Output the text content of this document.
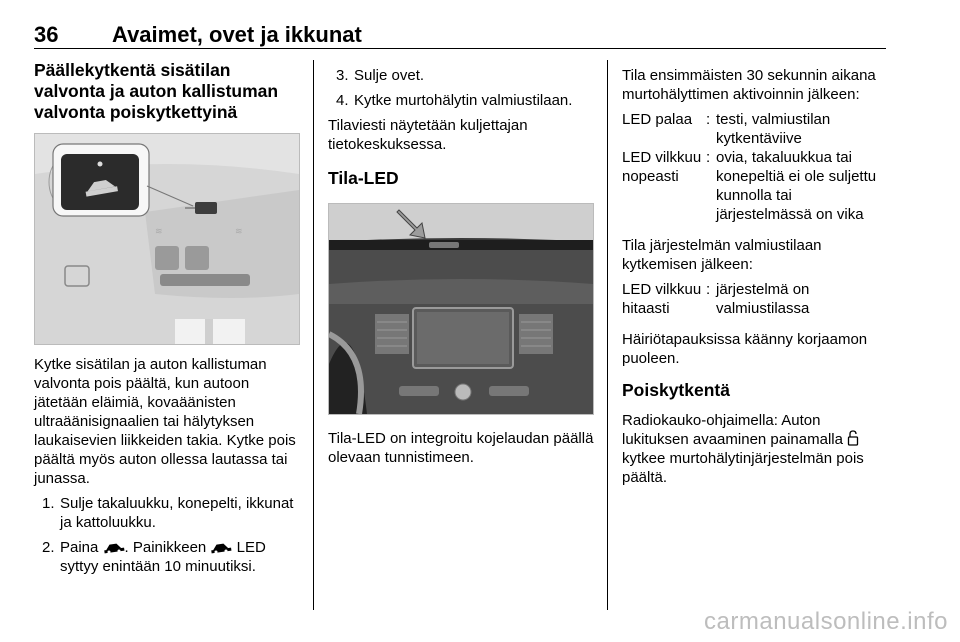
36 Avaimet, ovet ja ikkunat
Päällekytkentä sisätilan valvonta ja auton kallistuman valvonta poiskytkettyinä
≋	≋

Kytke sisätilan ja auton kallistuman valvonta pois päältä, kun autoon jätetään eläimiä, kovaäänisten ultraäänisignaalien tai hälytyksen laukaisevien liikkeiden takia. Kytke pois päältä myös auton ollessa lautassa tai junassa.

1. Sulje takaluukku, konepelti, ikkunat ja kattoluukku.
2. Paina . Painikkeen LED syttyy enintään 10 minuutiksi.
3. Sulje ovet.
4. Kytke murtohälytin valmiustilaan.

Tilaviesti näytetään kuljettajan tietokeskuksessa.

Tila-LED

Tila-LED on integroitu kojelaudan päällä olevaan tunnistimeen.

Tila ensimmäisten 30 sekunnin aikana murtohälyttimen aktivoinnin jälkeen:

LED palaa : testi, valmiustilan kytkentäviive
LED vilkkuu nopeasti
: ovia, takaluukkua tai konepeltiä ei ole suljettu kunnolla tai järjestelmässä on vika

Tila järjestelmän valmiustilaan kytkemisen jälkeen:

LED vilkkuu hitaasti
: järjestelmä on valmiustilassa

Häiriötapauksissa käänny korjaamon puoleen.

Poiskytkentä

Radiokauko-ohjaimella: Auton lukituksen avaaminen painamalla  kytkee murtohälytinjärjestelmän pois päältä.

carmanualsonline.info
